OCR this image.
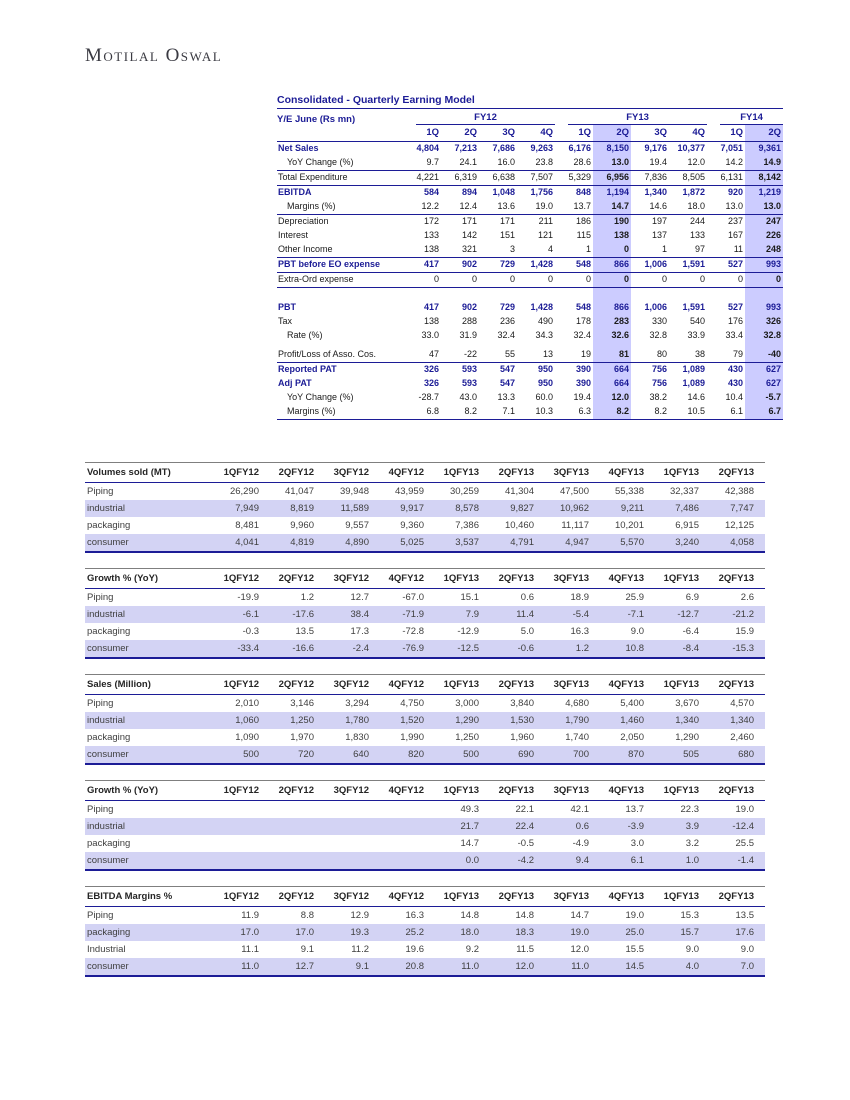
Motilal Oswal
Consolidated - Quarterly Earning Model
Y/E June (Rs mn)	FY12				FY13				FY14	

	1Q	2Q	3Q	4Q	1Q	2Q	3Q	4Q	1Q	2Q
Net Sales	4,804	7,213	7,686	9,263	6,176	8,150	9,176	10,377	7,051	9,361
YoY Change (%)	9.7	24.1	16.0	23.8	28.6	13.0	19.4	12.0	14.2	14.9
Total Expenditure	4,221	6,319	6,638	7,507	5,329	6,956	7,836	8,505	6,131	8,142
EBITDA	584	894	1,048	1,756	848	1,194	1,340	1,872	920	1,219
Margins (%)	12.2	12.4	13.6	19.0	13.7	14.7	14.6	18.0	13.0	13.0
Depreciation	172	171	171	211	186	190	197	244	237	247
Interest	133	142	151	121	115	138	137	133	167	226
Other Income	138	321	3	4	1	0	1	97	11	248
PBT before EO expense	417	902	729	1,428	548	866	1,006	1,591	527	993
Extra-Ord expense	0	0	0	0	0	0	0	0	0	0

PBT	417	902	729	1,428	548	866	1,006	1,591	527	993
Tax	138	288	236	490	178	283	330	540	176	326
Rate (%)	33.0	31.9	32.4	34.3	32.4	32.6	32.8	33.9	33.4	32.8

Profit/Loss of Asso. Cos.	47	-22	55	13	19	81	80	38	79	-40
Reported PAT	326	593	547	950	390	664	756	1,089	430	627
Adj PAT	326	593	547	950	390	664	756	1,089	430	627
YoY Change (%)	-28.7	43.0	13.3	60.0	19.4	12.0	38.2	14.6	10.4	-5.7
Margins (%)	6.8	8.2	7.1	10.3	6.3	8.2	8.2	10.5	6.1	6.7
Volumes sold (MT)	1QFY12	2QFY12	3QFY12	4QFY12	1QFY13	2QFY13	3QFY13	4QFY13	1QFY13	2QFY13
Piping	26,290	41,047	39,948	43,959	30,259	41,304	47,500	55,338	32,337	42,388
industrial	7,949	8,819	11,589	9,917	8,578	9,827	10,962	9,211	7,486	7,747
packaging	8,481	9,960	9,557	9,360	7,386	10,460	11,117	10,201	6,915	12,125
consumer	4,041	4,819	4,890	5,025	3,537	4,791	4,947	5,570	3,240	4,058
Growth % (YoY)	1QFY12	2QFY12	3QFY12	4QFY12	1QFY13	2QFY13	3QFY13	4QFY13	1QFY13	2QFY13
Piping	-19.9	1.2	12.7	-67.0	15.1	0.6	18.9	25.9	6.9	2.6
industrial	-6.1	-17.6	38.4	-71.9	7.9	11.4	-5.4	-7.1	-12.7	-21.2
packaging	-0.3	13.5	17.3	-72.8	-12.9	5.0	16.3	9.0	-6.4	15.9
consumer	-33.4	-16.6	-2.4	-76.9	-12.5	-0.6	1.2	10.8	-8.4	-15.3
Sales (Million)	1QFY12	2QFY12	3QFY12	4QFY12	1QFY13	2QFY13	3QFY13	4QFY13	1QFY13	2QFY13
Piping	2,010	3,146	3,294	4,750	3,000	3,840	4,680	5,400	3,670	4,570
industrial	1,060	1,250	1,780	1,520	1,290	1,530	1,790	1,460	1,340	1,340
packaging	1,090	1,970	1,830	1,990	1,250	1,960	1,740	2,050	1,290	2,460
consumer	500	720	640	820	500	690	700	870	505	680
Growth % (YoY)	1QFY12	2QFY12	3QFY12	4QFY12	1QFY13	2QFY13	3QFY13	4QFY13	1QFY13	2QFY13
Piping					49.3	22.1	42.1	13.7	22.3	19.0
industrial					21.7	22.4	0.6	-3.9	3.9	-12.4
packaging					14.7	-0.5	-4.9	3.0	3.2	25.5
consumer					0.0	-4.2	9.4	6.1	1.0	-1.4
EBITDA Margins %	1QFY12	2QFY12	3QFY12	4QFY12	1QFY13	2QFY13	3QFY13	4QFY13	1QFY13	2QFY13
Piping	11.9	8.8	12.9	16.3	14.8	14.8	14.7	19.0	15.3	13.5
packaging	17.0	17.0	19.3	25.2	18.0	18.3	19.0	25.0	15.7	17.6
Industrial	11.1	9.1	11.2	19.6	9.2	11.5	12.0	15.5	9.0	9.0
consumer	11.0	12.7	9.1	20.8	11.0	12.0	11.0	14.5	4.0	7.0
